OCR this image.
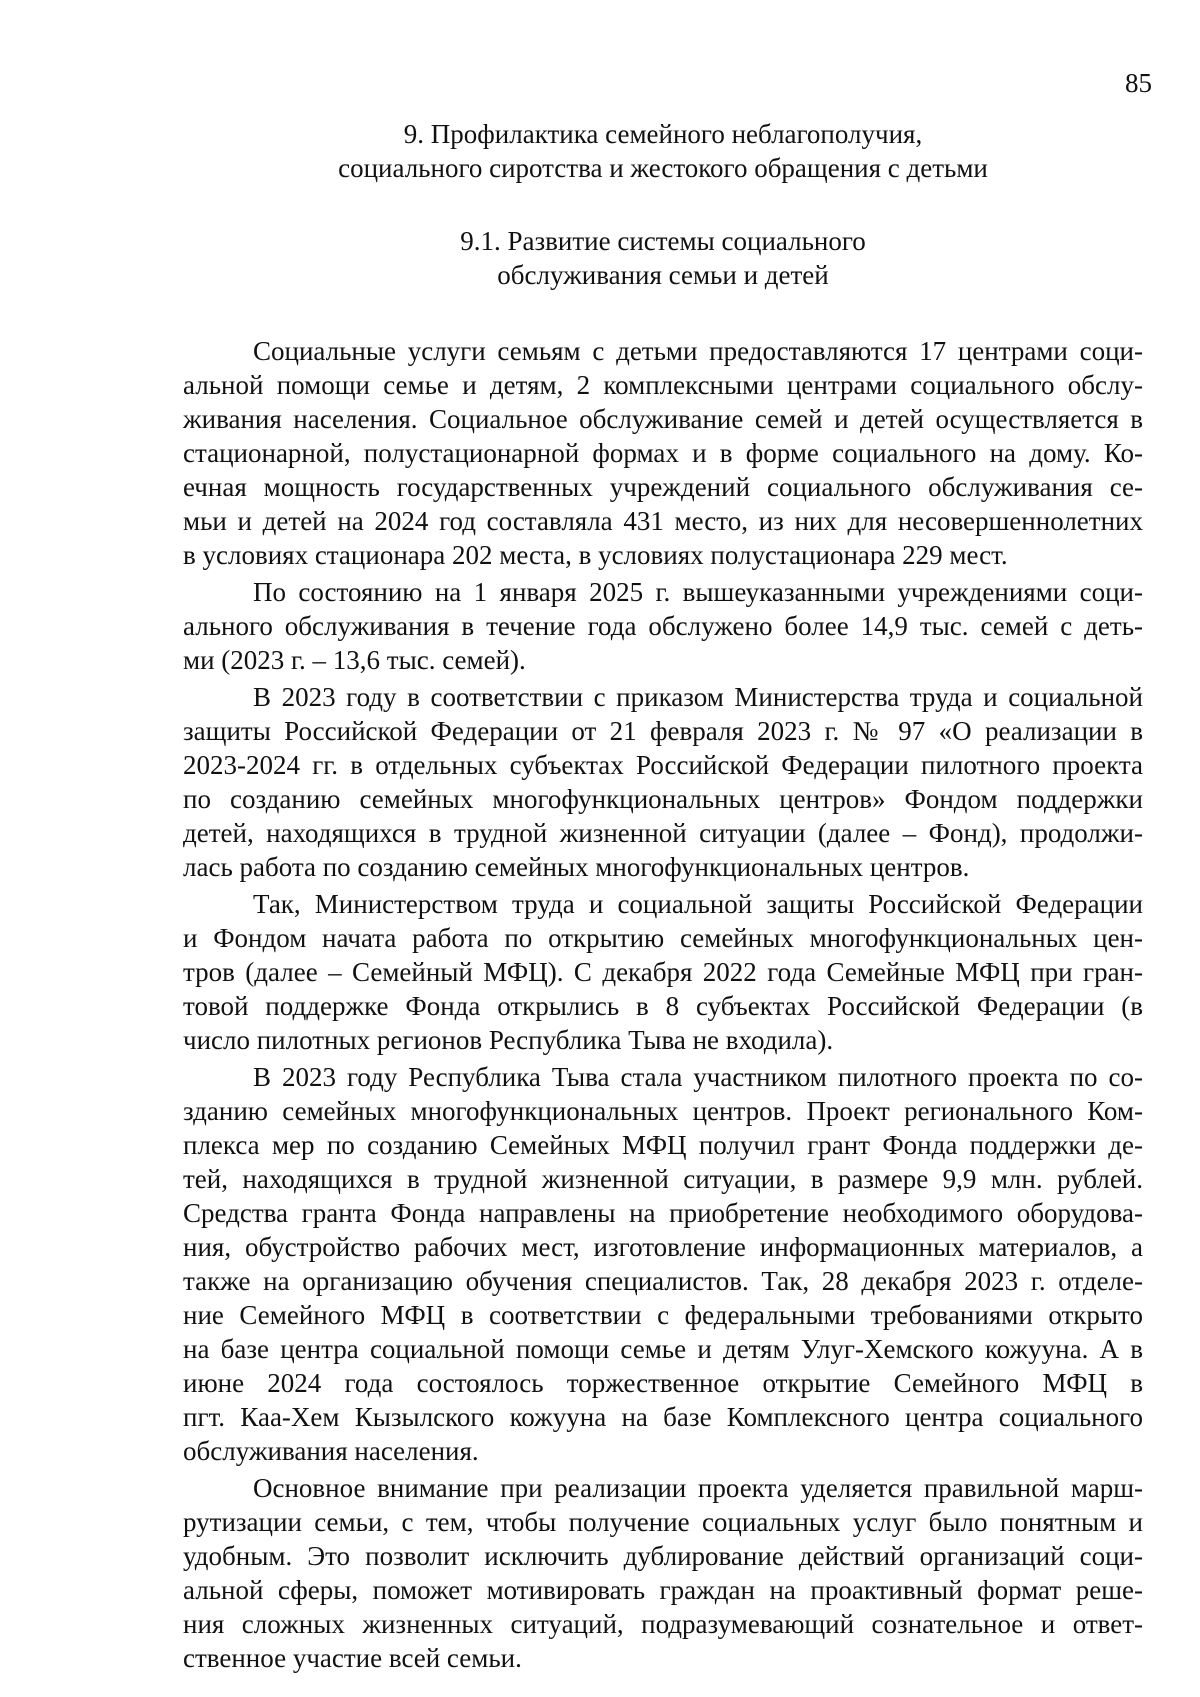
85
9. Профилактика семейного неблагополучия,
социального сиротства и жестокого обращения с детьми
9.1. Развитие системы социального
обслуживания семьи и детей

Социальные услуги семьям с детьми предоставляются 17 центрами соци-
альной помощи семье и детям, 2 комплексными центрами социального обслу-
живания населения. Социальное обслуживание семей и детей осуществляется в
стационарной, полустационарной формах и в форме социального на дому. Ко-
ечная мощность государственных учреждений социального обслуживания се-
мьи и детей на 2024 год составляла 431 место, из них для несовершеннолетних
в условиях стационара 202 места, в условиях полустационара 229 мест.

По состоянию на 1 января 2025 г. вышеуказанными учреждениями соци-
ального обслуживания в течение года обслужено более 14,9 тыс. семей с деть-
ми (2023 г. – 13,6 тыс. семей).

В 2023 году в соответствии с приказом Министерства труда и социальной
защиты Российской Федерации от 21 февраля 2023 г. № 97 «О реализации в
2023-2024 гг. в отдельных субъектах Российской Федерации пилотного проекта
по созданию семейных многофункциональных центров» Фондом поддержки
детей, находящихся в трудной жизненной ситуации (далее – Фонд), продолжи-
лась работа по созданию семейных многофункциональных центров.

Так, Министерством труда и социальной защиты Российской Федерации
и Фондом начата работа по открытию семейных многофункциональных цен-
тров (далее – Семейный МФЦ). С декабря 2022 года Семейные МФЦ при гран-
товой поддержке Фонда открылись в 8 субъектах Российской Федерации (в
число пилотных регионов Республика Тыва не входила).

В 2023 году Республика Тыва стала участником пилотного проекта по со-
зданию семейных многофункциональных центров. Проект регионального Ком-
плекса мер по созданию Семейных МФЦ получил грант Фонда поддержки де-
тей, находящихся в трудной жизненной ситуации, в размере 9,9 млн. рублей.
Средства гранта Фонда направлены на приобретение необходимого оборудова-
ния, обустройство рабочих мест, изготовление информационных материалов, а
также на организацию обучения специалистов. Так, 28 декабря 2023 г. отделе-
ние Семейного МФЦ в соответствии с федеральными требованиями открыто
на базе центра социальной помощи семье и детям Улуг-Хемского кожууна. А в
июне 2024 года состоялось торжественное открытие Семейного МФЦ в
пгт. Каа-Хем Кызылского кожууна на базе Комплексного центра социального
обслуживания населения.

Основное внимание при реализации проекта уделяется правильной марш-
рутизации семьи, с тем, чтобы получение социальных услуг было понятным и
удобным. Это позволит исключить дублирование действий организаций соци-
альной сферы, поможет мотивировать граждан на проактивный формат реше-
ния сложных жизненных ситуаций, подразумевающий сознательное и ответ-
ственное участие всей семьи.
